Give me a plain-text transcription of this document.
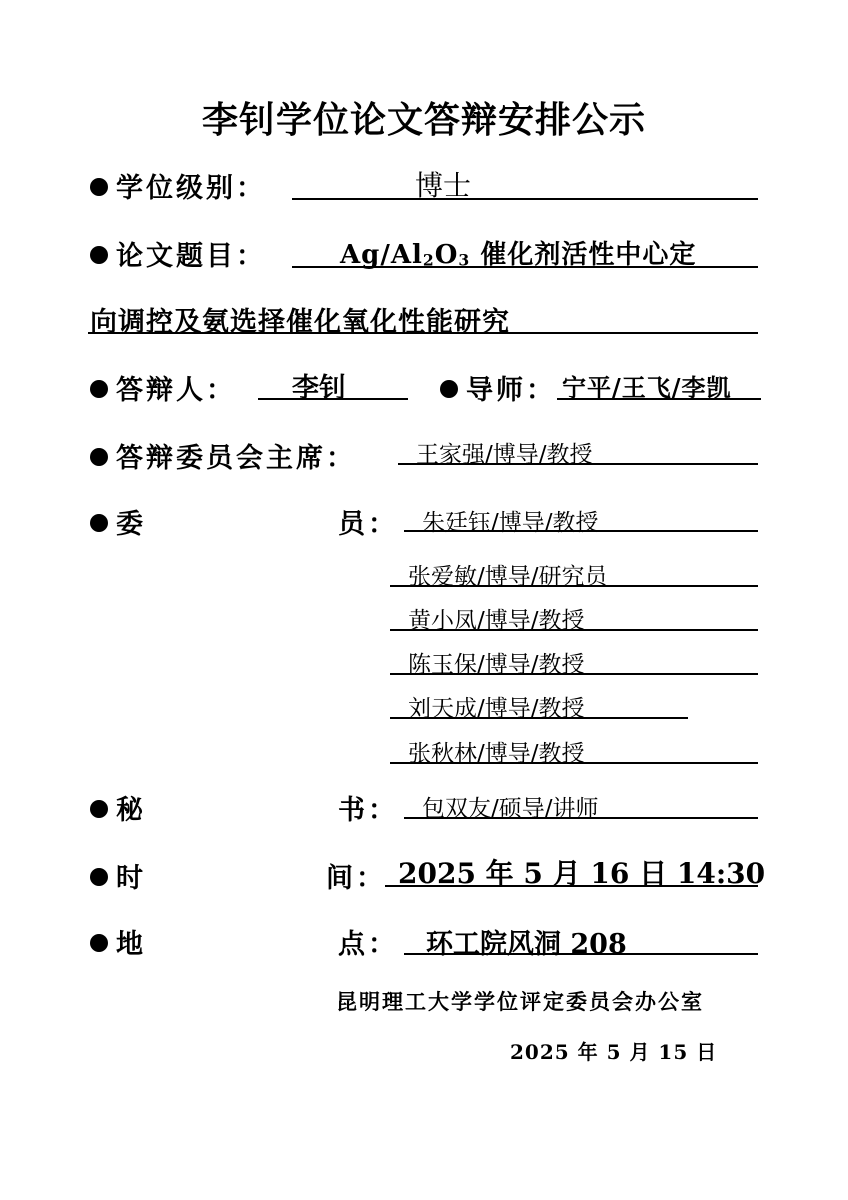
李钊学位论文答辩安排公示
学位级别：	博士
论文题目：	$Ag/Al_2O_3$ 催化剂活性中心定
向调控及氨选择催化氧化性能研究
答辩人： 李钊	导师： 宁平/王飞/李凯
答辩委员会主席：	王家强/博导/教授
委	员： 朱廷钰/博导/教授
张爱敏/博导/研究员
黄小凤/博导/教授
陈玉保/博导/教授
刘天成/博导/教授
张秋林/博导/教授
秘	书： 包双友/硕导/讲师
时	间： 2025 年 5 月 16 日 14:30
地	点： 环工院风洞 208
昆明理工大学学位评定委员会办公室
2025 年 5 月 15 日
